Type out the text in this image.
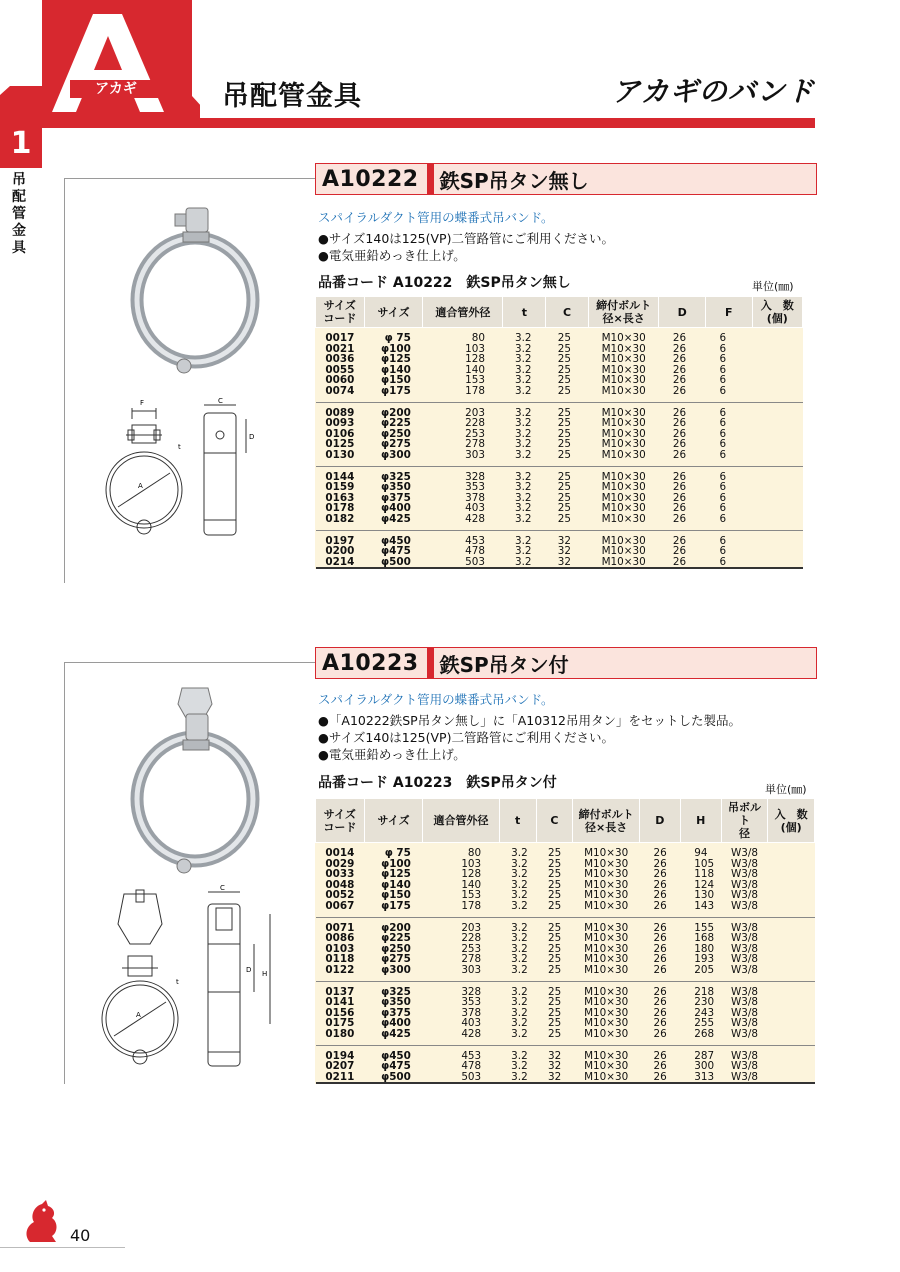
アカギ	吊配管金具	アカギのバンド
1
吊配管金具
A10222	鉄SP吊タン無し
スパイラルダクト管用の蝶番式吊バンド。
●サイズ140は125(VP)二管路管にご利用ください。
●電気亜鉛めっき仕上げ。
品番コード A10222　鉄SP吊タン無し	単位(㎜)
F	C
D
t
A
サイズ
コード	サイズ	適合管外径	t	C	締付ボルト
径×長さ	D	F	入　数
(個)
0017	φ 75	80	3.2	25	M10×30	26	6	
0021	φ100	103	3.2	25	M10×30	26	6	
0036	φ125	128	3.2	25	M10×30	26	6	
0055	φ140	140	3.2	25	M10×30	26	6	
0060	φ150	153	3.2	25	M10×30	26	6	
0074	φ175	178	3.2	25	M10×30	26	6	
0089	φ200	203	3.2	25	M10×30	26	6	
0093	φ225	228	3.2	25	M10×30	26	6	
0106	φ250	253	3.2	25	M10×30	26	6	
0125	φ275	278	3.2	25	M10×30	26	6	
0130	φ300	303	3.2	25	M10×30	26	6	
0144	φ325	328	3.2	25	M10×30	26	6	
0159	φ350	353	3.2	25	M10×30	26	6	
0163	φ375	378	3.2	25	M10×30	26	6	
0178	φ400	403	3.2	25	M10×30	26	6	
0182	φ425	428	3.2	25	M10×30	26	6	
0197	φ450	453	3.2	32	M10×30	26	6	
0200	φ475	478	3.2	32	M10×30	26	6	
0214	φ500	503	3.2	32	M10×30	26	6	
A10223	鉄SP吊タン付
スパイラルダクト管用の蝶番式吊バンド。
●「A10222鉄SP吊タン無し」に「A10312吊用タン」をセットした製品。
●サイズ140は125(VP)二管路管にご利用ください。
●電気亜鉛めっき仕上げ。
品番コード A10223　鉄SP吊タン付	単位(㎜)
C
D H
t
A
サイズ
コード	サイズ	適合管外径	t	C	締付ボルト
径×長さ	D	H	吊ボルト
径	入　数
(個)
0014	φ 75	80	3.2	25	M10×30	26	94	W3/8	
0029	φ100	103	3.2	25	M10×30	26	105	W3/8	
0033	φ125	128	3.2	25	M10×30	26	118	W3/8	
0048	φ140	140	3.2	25	M10×30	26	124	W3/8	
0052	φ150	153	3.2	25	M10×30	26	130	W3/8	
0067	φ175	178	3.2	25	M10×30	26	143	W3/8	
0071	φ200	203	3.2	25	M10×30	26	155	W3/8	
0086	φ225	228	3.2	25	M10×30	26	168	W3/8	
0103	φ250	253	3.2	25	M10×30	26	180	W3/8	
0118	φ275	278	3.2	25	M10×30	26	193	W3/8	
0122	φ300	303	3.2	25	M10×30	26	205	W3/8	
0137	φ325	328	3.2	25	M10×30	26	218	W3/8	
0141	φ350	353	3.2	25	M10×30	26	230	W3/8	
0156	φ375	378	3.2	25	M10×30	26	243	W3/8	
0175	φ400	403	3.2	25	M10×30	26	255	W3/8	
0180	φ425	428	3.2	25	M10×30	26	268	W3/8	
0194	φ450	453	3.2	32	M10×30	26	287	W3/8	
0207	φ475	478	3.2	32	M10×30	26	300	W3/8	
0211	φ500	503	3.2	32	M10×30	26	313	W3/8	
40
